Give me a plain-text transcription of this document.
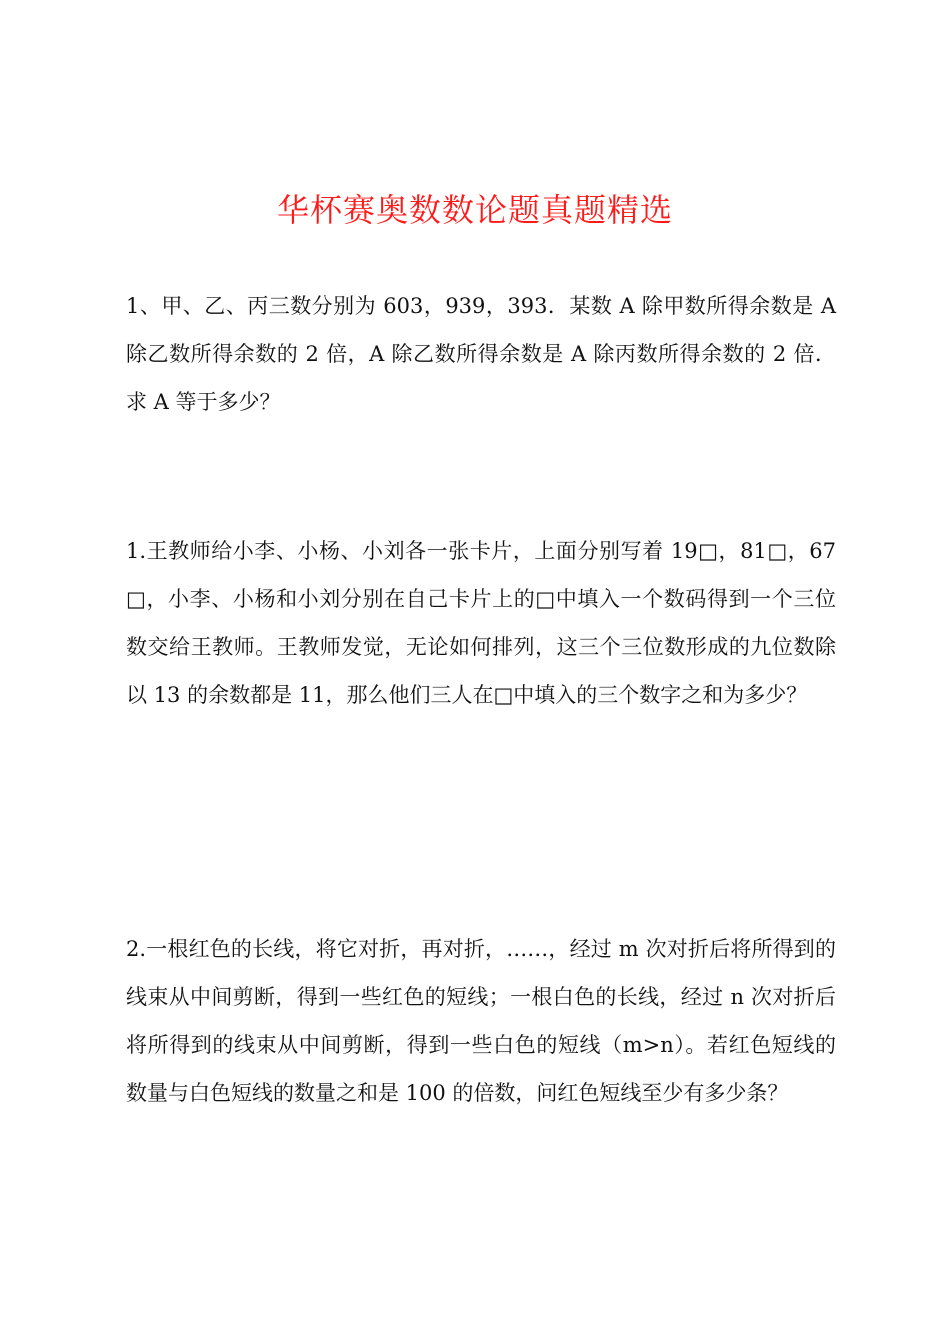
华杯赛奥数数论题真题精选

1、甲、乙、丙三数分别为 603，939，393．某数 A 除甲数所得余数是 A 除乙数所得余数的 2 倍，A 除乙数所得余数是 A 除丙数所得余数的 2 倍．求 A 等于多少？

1.王教师给小李、小杨、小刘各一张卡片，上面分别写着 19□，81□，67□，小李、小杨和小刘分别在自己卡片上的□中填入一个数码得到一个三位数交给王教师。王教师发觉，无论如何排列，这三个三位数形成的九位数除以 13 的余数都是 11，那么他们三人在□中填入的三个数字之和为多少？

2.一根红色的长线，将它对折，再对折，……，经过 m 次对折后将所得到的线束从中间剪断，得到一些红色的短线；一根白色的长线，经过 n 次对折后将所得到的线束从中间剪断，得到一些白色的短线（m>n）。若红色短线的数量与白色短线的数量之和是 100 的倍数，问红色短线至少有多少条？
